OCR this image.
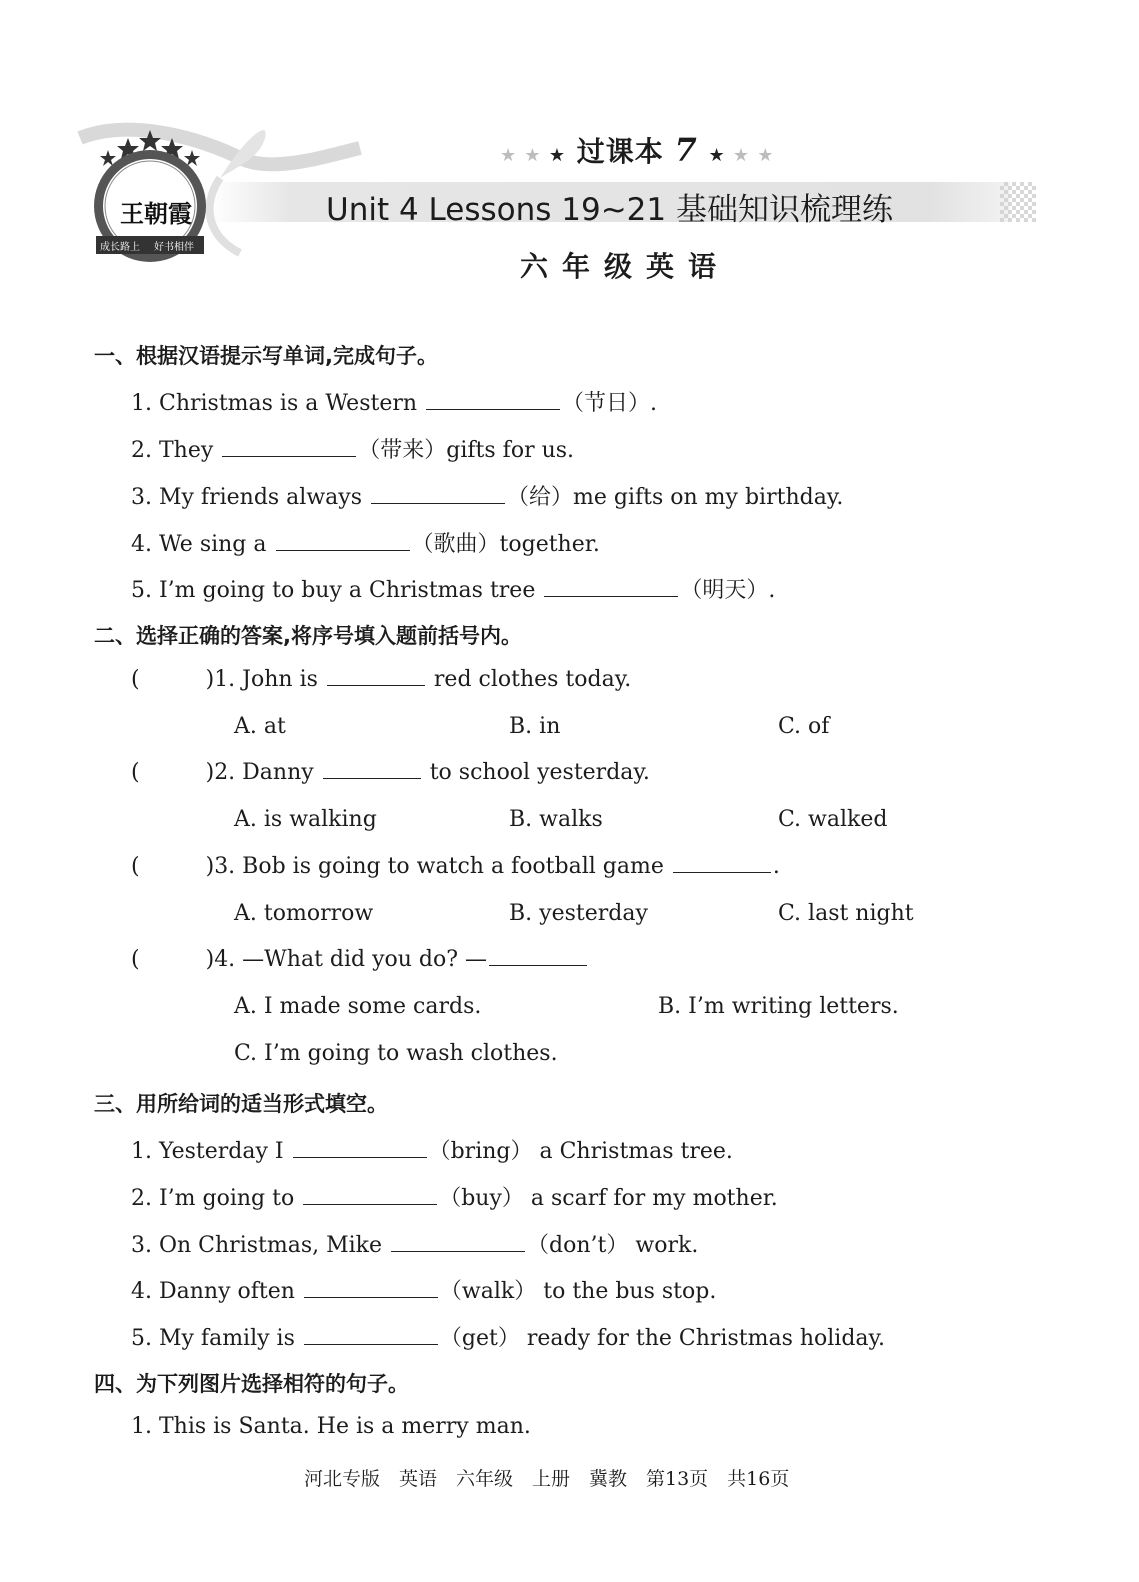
王朝霞
成长路上 好书相伴
★ ★ ★ 过课本 7 ★ ★ ★
Unit 4 Lessons 19~21 基础知识梳理练
六年级英语
一、根据汉语提示写单词,完成句子。
1. Christmas is a Western	（节日）.
2. They	（带来）gifts for us.
3. My friends always	（给）me gifts on my birthday.
4. We sing a	（歌曲）together.
5. I’m going to buy a Christmas tree	（明天）.
二、选择正确的答案,将序号填入题前括号内。
(	)1. John is	red clothes today.
A. at	B. in	C. of
(	)2. Danny	to school yesterday.
A. is walking	B. walks	C. walked
(	)3. Bob is going to watch a football game	.
A. tomorrow	B. yesterday	C. last night
(	)4. —What did you do? —
A. I made some cards.	B. I’m writing letters.
C. I’m going to wash clothes.
三、用所给词的适当形式填空。
1. Yesterday I	（bring） a Christmas tree.
2. I’m going to	（buy） a scarf for my mother.
3. On Christmas, Mike	（don’t） work.
4. Danny often	（walk） to the bus stop.
5. My family is	（get） ready for the Christmas holiday.
四、为下列图片选择相符的句子。
1. This is Santa. He is a merry man.
河北专版　英语　六年级　上册　冀教　第13页　共16页
